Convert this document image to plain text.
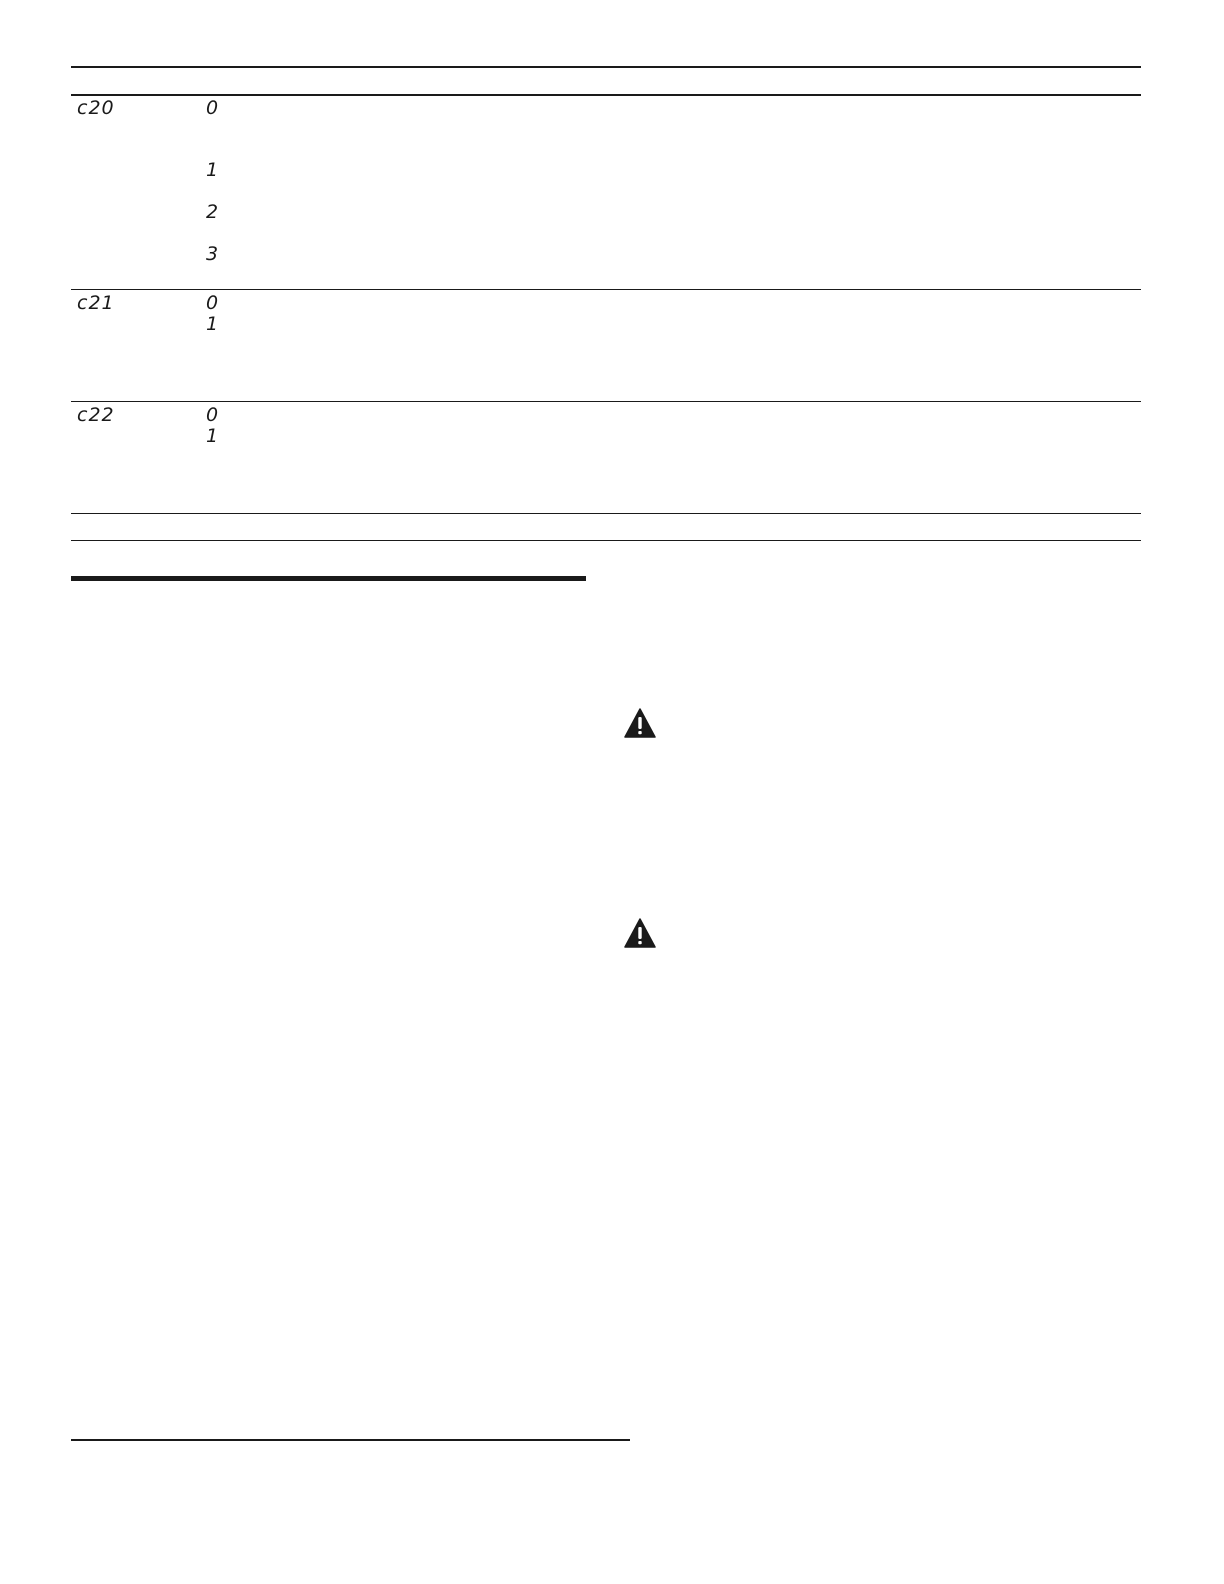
c20	0
1
2
3
c21	0
1
c22	0
1
